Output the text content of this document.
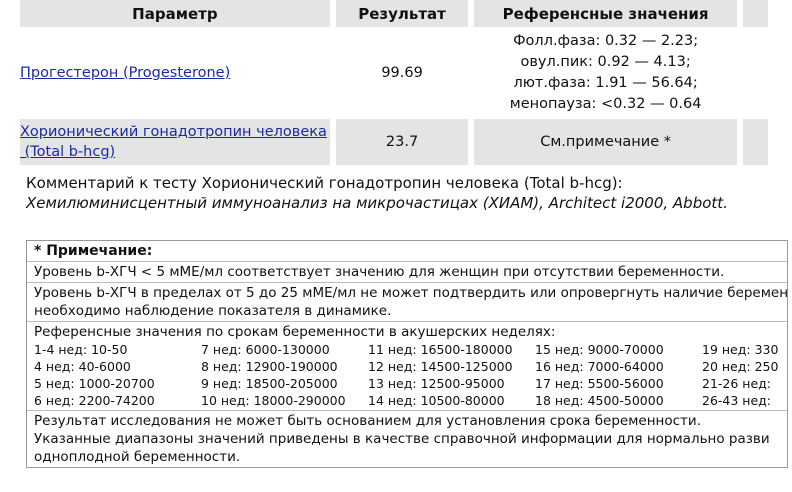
Параметр	Результат	Референсные значения	
Прогестерон (Progesterone)	99.69	Фолл.фаза: 0.32 — 2.23;
овул.пик: 0.92 — 4.13;
лют.фаза: 1.91 — 56.64;
менопауза: <0.32 — 0.64	

Хорионический гонадотропин человека
(Total b-hcg)	23.7	См.примечание *	
Комментарий к тесту Хорионический гонадотропин человека (Total b-hcg):
Хемилюминисцентный иммуноанализ на микрочастицах (ХИАМ), Architect i2000, Abbott.
* Примечание:
Уровень b-ХГЧ < 5 мМЕ/мл соответствует значению для женщин при отсутствии беременности.
Уровень b-ХГЧ в пределах от 5 до 25 мМЕ/мл не может подтвердить или опровергнуть наличие беремен
необходимо наблюдение показателя в динамике.
Референсные значения по срокам беременности в акушерских неделях:
1-4 нед: 10-50	7 нед: 6000-130000	11 нед: 16500-180000	15 нед: 9000-70000	19 нед: 330
4 нед: 40-6000	8 нед: 12900-190000	12 нед: 14500-125000	16 нед: 7000-64000	20 нед: 250
5 нед: 1000-20700	9 нед: 18500-205000	13 нед: 12500-95000	17 нед: 5500-56000	21-26 нед:
6 нед: 2200-74200	10 нед: 18000-290000	14 нед: 10500-80000	18 нед: 4500-50000	26-43 нед:
Результат исследования не может быть основанием для установления срока беременности.
Указанные диапазоны значений приведены в качестве справочной информации для нормально разви
одноплодной беременности.
